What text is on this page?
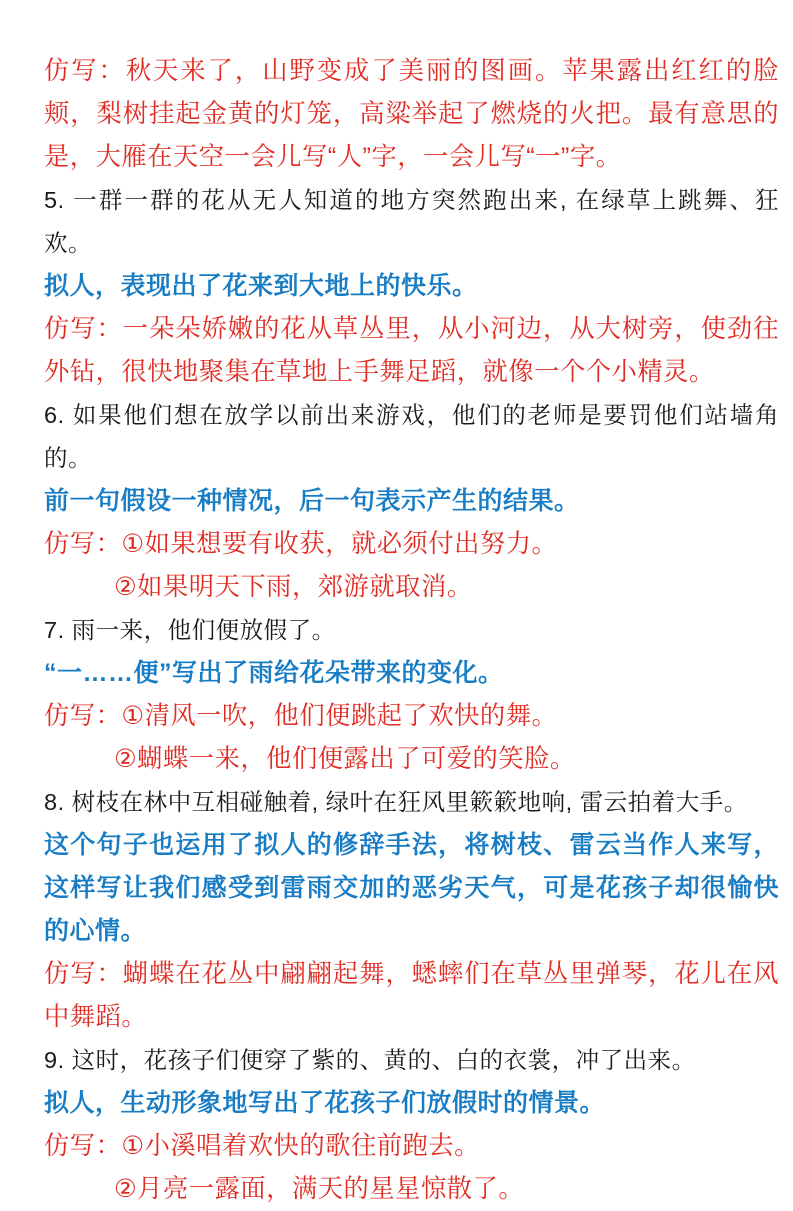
仿写：秋天来了，山野变成了美丽的图画。苹果露出红红的脸颊，梨树挂起金黄的灯笼，高粱举起了燃烧的火把。最有意思的是，大雁在天空一会儿写“人”字，一会儿写“一”字。

5. 一群一群的花从无人知道的地方突然跑出来, 在绿草上跳舞、狂欢。

拟人，表现出了花来到大地上的快乐。

仿写：一朵朵娇嫩的花从草丛里，从小河边，从大树旁，使劲往外钻，很快地聚集在草地上手舞足蹈，就像一个个小精灵。

6. 如果他们想在放学以前出来游戏，他们的老师是要罚他们站墙角的。

前一句假设一种情况，后一句表示产生的结果。

仿写：①如果想要有收获，就必须付出努力。

②如果明天下雨，郊游就取消。

7. 雨一来，他们便放假了。

“一……便”写出了雨给花朵带来的变化。

仿写：①清风一吹，他们便跳起了欢快的舞。

②蝴蝶一来，他们便露出了可爱的笑脸。

8. 树枝在林中互相碰触着, 绿叶在狂风里簌簌地响, 雷云拍着大手。

这个句子也运用了拟人的修辞手法，将树枝、雷云当作人来写，这样写让我们感受到雷雨交加的恶劣天气，可是花孩子却很愉快的心情。

仿写：蝴蝶在花丛中翩翩起舞，蟋蟀们在草丛里弹琴，花儿在风中舞蹈。

9. 这时，花孩子们便穿了紫的、黄的、白的衣裳，冲了出来。

拟人，生动形象地写出了花孩子们放假时的情景。

仿写：①小溪唱着欢快的歌往前跑去。

②月亮一露面，满天的星星惊散了。
